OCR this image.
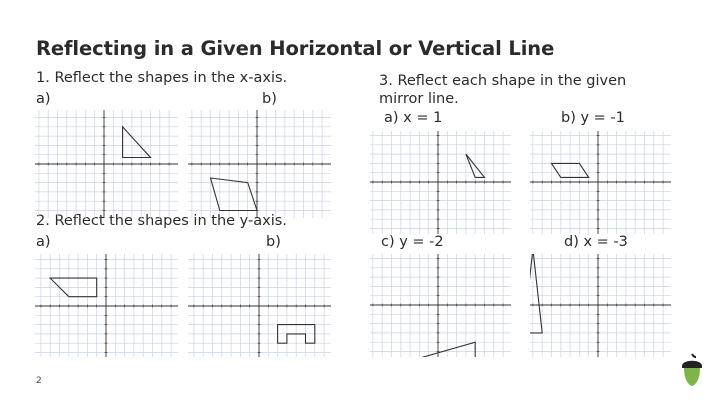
Reflecting in a Given Horizontal or Vertical Line
1. Reflect the shapes in the x-axis.
a)	b)
2. Reflect the shapes in the y-axis.
a)	b)
3. Reflect each shape in the given
mirror line.
a) x = 1	b) y = -1
c) y = -2	d) x = -3
2
